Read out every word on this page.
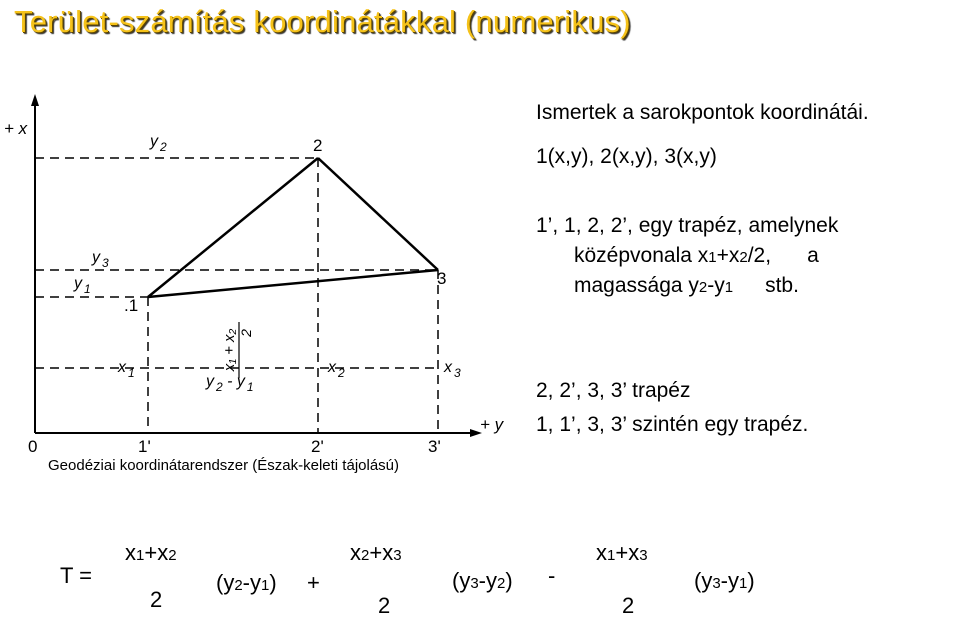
Terület-számítás koordinátákkal (numerikus)
+ x
+ y
0
2
3
.1
1'	2'	3'
y $_2$
y $_3$
y $_1$
x $_1$	x $_2$	x $_3$
x₁ + x₂ 2
y $_2$ - y $_1$
Geodéziai koordinátarendszer (Észak-keleti tájolású)
Ismertek a sarokpontok koordinátái.
1(x,y), 2(x,y), 3(x,y)
1’, 1, 2, 2’, egy trapéz, amelynek
középvonala x1+x2/2, a
magassága y2-y1 stb.
2, 2’, 3, 3’ trapéz
1, 1’, 3, 3’ szintén egy trapéz.
T =
x1+x2
2
(y2-y1) +
x2+x3
2
(y3-y2) -
x1+x3
2
(y3-y1)
